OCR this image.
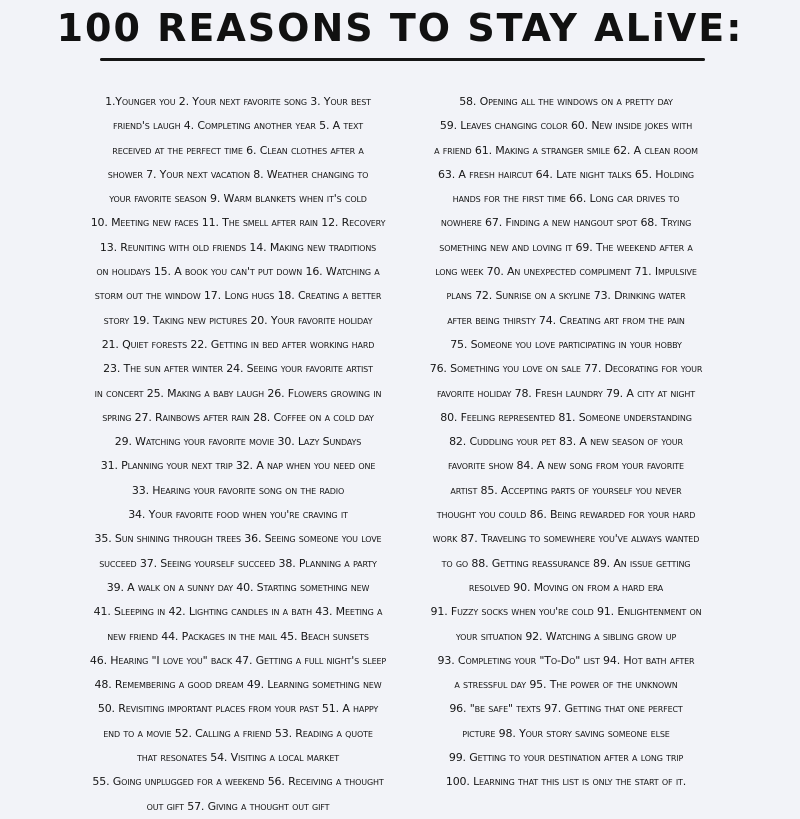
100 REASONS TO STAY ALiVE:
1.Younger you 2. Your next favorite song 3. Your best
friend's laugh 4. Completing another year 5. A text
received at the perfect time 6. Clean clothes after a
shower 7. Your next vacation 8. Weather changing to
your favorite season 9. Warm blankets when it's cold
10. Meeting new faces 11. The smell after rain 12. Recovery
13. Reuniting with old friends 14. Making new traditions
on holidays 15. A book you can't put down 16. Watching a
storm out the window 17. Long hugs 18. Creating a better
story 19. Taking new pictures 20. Your favorite holiday
21. Quiet forests 22. Getting in bed after working hard
23. The sun after winter 24. Seeing your favorite artist
in concert 25. Making a baby laugh 26. Flowers growing in
spring 27. Rainbows after rain 28. Coffee on a cold day
29. Watching your favorite movie 30. Lazy Sundays
31. Planning your next trip 32. A nap when you need one
33. Hearing your favorite song on the radio
34. Your favorite food when you're craving it
35. Sun shining through trees 36. Seeing someone you love
succeed 37. Seeing yourself succeed 38. Planning a party
39. A walk on a sunny day 40. Starting something new
41. Sleeping in 42. Lighting candles in a bath 43. Meeting a
new friend 44. Packages in the mail 45. Beach sunsets
46. Hearing "I love you" back 47. Getting a full night's sleep
48. Remembering a good dream 49. Learning something new
50. Revisiting important places from your past 51. A happy
end to a movie 52. Calling a friend 53. Reading a quote
that resonates 54. Visiting a local market
55. Going unplugged for a weekend 56. Receiving a thought
out gift 57. Giving a thought out gift
58. Opening all the windows on a pretty day
59. Leaves changing color 60. New inside jokes with
a friend 61. Making a stranger smile 62. A clean room
63. A fresh haircut 64. Late night talks 65. Holding
hands for the first time 66. Long car drives to
nowhere 67. Finding a new hangout spot 68. Trying
something new and loving it 69. The weekend after a
long week 70. An unexpected compliment 71. Impulsive
plans 72. Sunrise on a skyline 73. Drinking water
after being thirsty 74. Creating art from the pain
75. Someone you love participating in your hobby
76. Something you love on sale 77. Decorating for your
favorite holiday 78. Fresh laundry 79. A city at night
80. Feeling represented 81. Someone understanding
82. Cuddling your pet 83. A new season of your
favorite show 84. A new song from your favorite
artist 85. Accepting parts of yourself you never
thought you could 86. Being rewarded for your hard
work 87. Traveling to somewhere you've always wanted
to go 88. Getting reassurance 89. An issue getting
resolved 90. Moving on from a hard era
91. Fuzzy socks when you're cold 91. Enlightenment on
your situation 92. Watching a sibling grow up
93. Completing your "To-Do" list 94. Hot bath after
a stressful day 95. The power of the unknown
96. "be safe" texts 97. Getting that one perfect
picture 98. Your story saving someone else
99. Getting to your destination after a long trip
100. Learning that this list is only the start of it.
